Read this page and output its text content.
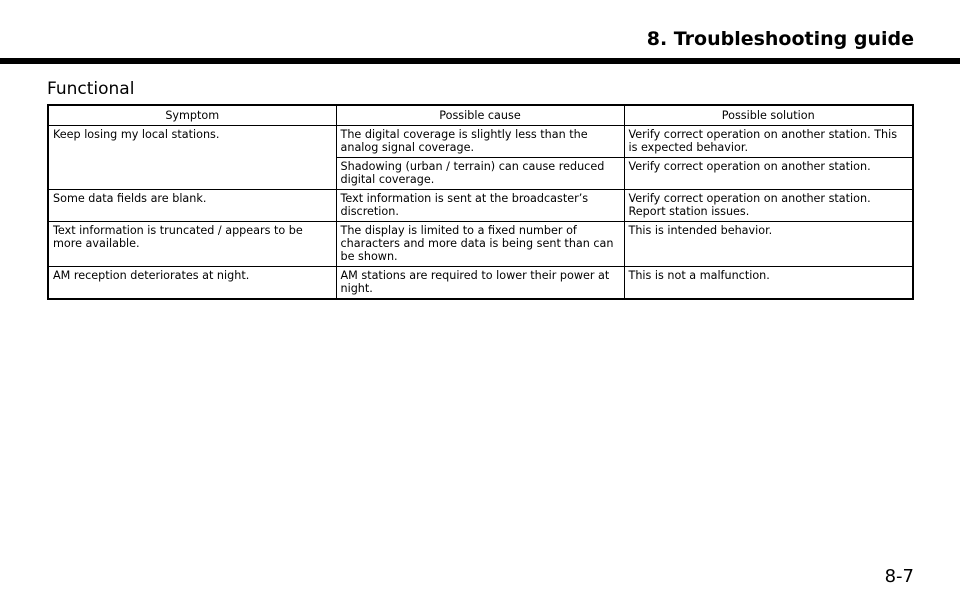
8. Troubleshooting guide
Functional
Symptom	Possible cause	Possible solution
Keep losing my local stations.	The digital coverage is slightly less than the analog signal coverage.	Verify correct operation on another station. This is expected behavior.
	Shadowing (urban / terrain) can cause reduced digital coverage.	Verify correct operation on another station.
Some data fields are blank.	Text information is sent at the broadcaster’s discretion.	Verify correct operation on another station. Report station issues.
Text information is truncated / appears to be more available.	The display is limited to a fixed number of characters and more data is being sent than can be shown.	This is intended behavior.
AM reception deteriorates at night.	AM stations are required to lower their power at night.	This is not a malfunction.
8-7
